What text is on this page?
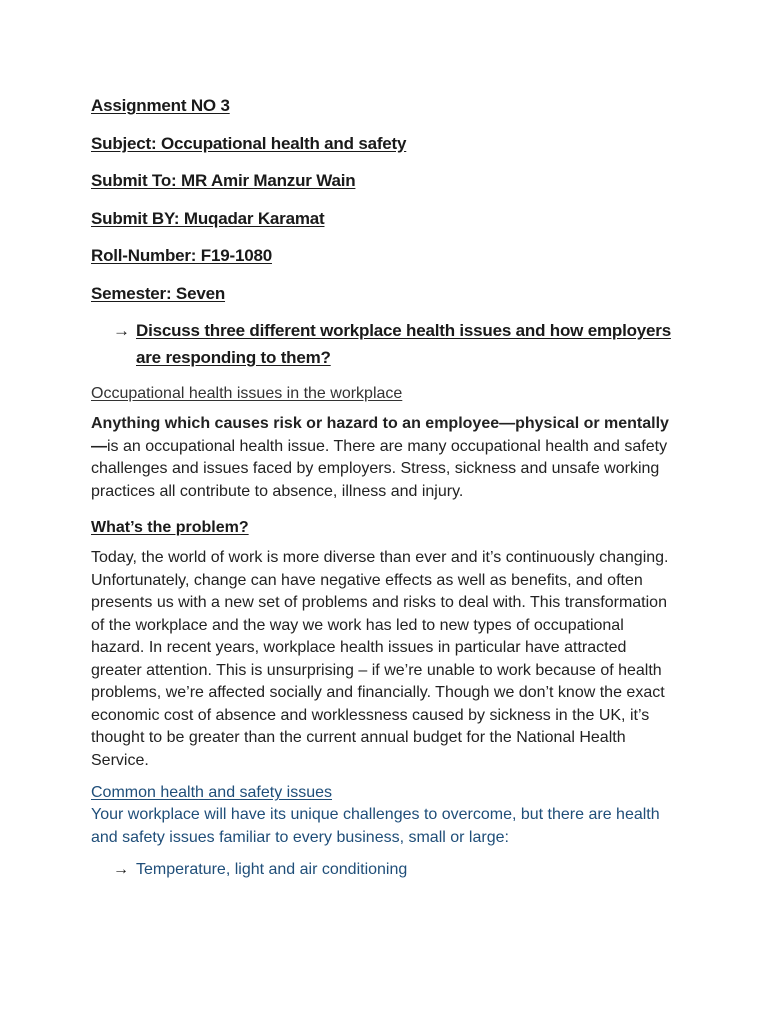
Assignment NO 3

Subject: Occupational health and safety

Submit To: MR Amir Manzur Wain

Submit BY: Muqadar Karamat

Roll-Number: F19-1080

Semester: Seven

→ Discuss three different workplace health issues and how employers are responding to them?

Occupational health issues in the workplace

Anything which causes risk or hazard to an employee—physical or mentally—is an occupational health issue. There are many occupational health and safety challenges and issues faced by employers. Stress, sickness and unsafe working practices all contribute to absence, illness and injury.

What’s the problem?

Today, the world of work is more diverse than ever and it’s continuously changing. Unfortunately, change can have negative effects as well as benefits, and often presents us with a new set of problems and risks to deal with. This transformation of the workplace and the way we work has led to new types of occupational hazard. In recent years, workplace health issues in particular have attracted greater attention. This is unsurprising – if we’re unable to work because of health problems, we’re affected socially and financially. Though we don’t know the exact economic cost of absence and worklessness caused by sickness in the UK, it’s thought to be greater than the current annual budget for the National Health Service.

Common health and safety issues

Your workplace will have its unique challenges to overcome, but there are health and safety issues familiar to every business, small or large:

→ Temperature, light and air conditioning
